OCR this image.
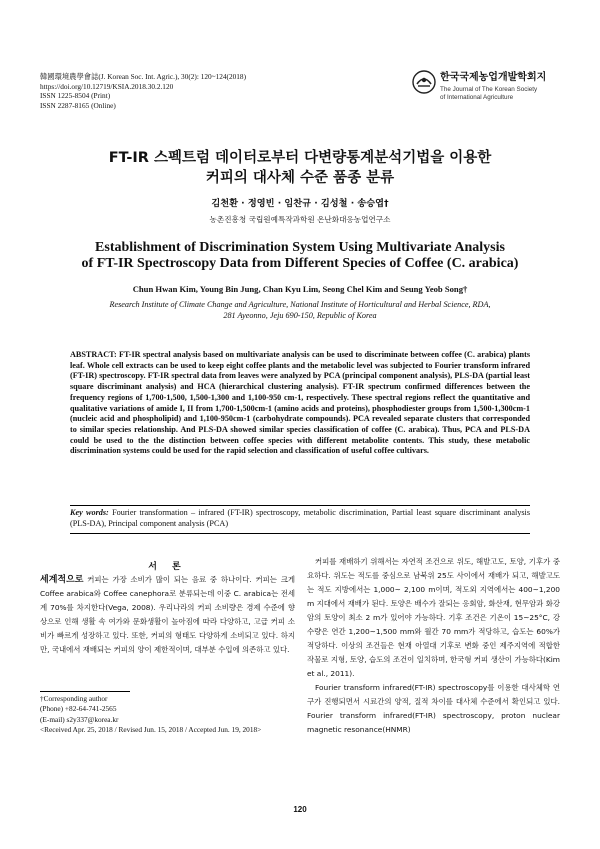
韓國環境農學會誌(J. Korean Soc. Int. Agric.), 30(2): 120~124(2018)
https://doi.org/10.12719/KSIA.2018.30.2.120
ISSN 1225-8504 (Print)
ISSN 2287-8165 (Online)
한국국제농업개발학회지
The Journal of The Korean Society
of International Agriculture
FT-IR 스펙트럼 데이터로부터 다변량통계분석기법을 이용한
커피의 대사체 수준 품종 분류
김천환 · 정영빈 · 임찬규 · 김성철 · 송승엽†
농촌진흥청 국립원예특작과학원 온난화대응농업연구소
Establishment of Discrimination System Using Multivariate Analysis
of FT-IR Spectroscopy Data from Different Species of Coffee (C. arabica)
Chun Hwan Kim, Young Bin Jung, Chan Kyu Lim, Seong Chel Kim and Seung Yeob Song†
Research Institute of Climate Change and Agriculture, National Institute of Horticultural and Herbal Science, RDA,
281 Ayeonno, Jeju 690-150, Republic of Korea
ABSTRACT: FT-IR spectral analysis based on multivariate analysis can be used to discriminate between coffee (C. arabica) plants leaf. Whole cell extracts can be used to keep eight coffee plants and the metabolic level was subjected to Fourier transform infrared (FT-IR) spectroscopy. FT-IR spectral data from leaves were analyzed by PCA (principal component analysis), PLS-DA (partial least square discriminant analysis) and HCA (hierarchical clustering analysis). FT-IR spectrum confirmed differences between the frequency regions of 1,700-1,500, 1,500-1,300 and 1,100-950 cm-1, respectively. These spectral regions reflect the quantitative and qualitative variations of amide I, II from 1,700-1,500cm-1 (amino acids and proteins), phosphodiester groups from 1,500-1,300cm-1 (nucleic acid and phospholipid) and 1,100-950cm-1 (carbohydrate compounds). PCA revealed separate clusters that corresponded to similar species relationship. And PLS-DA showed similar species classification of coffee (C. arabica). Thus, PCA and PLS-DA could be used to the the distinction between coffee species with different metabolite contents. This study, these metabolic discrimination systems could be used for the rapid selection and classification of useful coffee cultivars.
Key words: Fourier transformation – infrared (FT-IR) spectroscopy, metabolic discrimination, Partial least square discriminant analysis (PLS-DA), Principal component analysis (PCA)
서 론
세계적으로 커피는 가장 소비가 많이 되는 음료 중 하나이다. 커피는 크게 Coffee arabica와 Coffee canephora로 분류되는데 이중 C. arabica는 전세계 70%를 차지한다(Vega, 2008). 우리나라의 커피 소비량은 경제 수준에 향상으로 인해 생활 속 여가와 문화생활이 높아짐에 따라 다양하고, 고급 커피 소비가 빠르게 성장하고 있다. 또한, 커피의 형태도 다양하게 소비되고 있다. 하지만, 국내에서 재배되는 커피의 양이 제한적이며, 대부분 수입에 의존하고 있다.
커피를 재배하기 위해서는 자연적 조건으로 위도, 해발고도, 토양, 기후가 중요하다. 위도는 적도를 중심으로 남북위 25도 사이에서 재배가 되고, 해발고도는 적도 지방에서는 1,000~ 2,100 m이며, 적도외 지역에서는 400~1,200 m 지대에서 재배가 된다. 토양은 배수가 잘되는 응회암, 화산재, 현무암과 화강암의 토양이 최소 2 m가 있어야 가능하다. 기후 조건은 기온이 15~25°C, 강수량은 연간 1,200~1,500 mm와 월간 70 mm가 적당하고, 습도는 60%가 적당하다. 이상의 조건들은 현재 아열대 기후로 변화 중인 제주지역에 적합한 작물로 지형, 토양, 습도의 조건이 일치하며, 한국형 커피 생산이 가능하다(Kim et al., 2011).
Fourier transform infrared(FT-IR) spectroscopy를 이용한 대사체학 연구가 진행되면서 시료간의 양적, 질적 차이를 대사체 수준에서 확인되고 있다. Fourier transform infrared(FT-IR) spectroscopy, proton nuclear magnetic resonance(HNMR)
†Corresponding author
(Phone) +82-64-741-2565
(E-mail) s2y337@korea.kr
<Received Apr. 25, 2018 / Revised Jun. 15, 2018 / Accepted Jun. 19, 2018>
120
